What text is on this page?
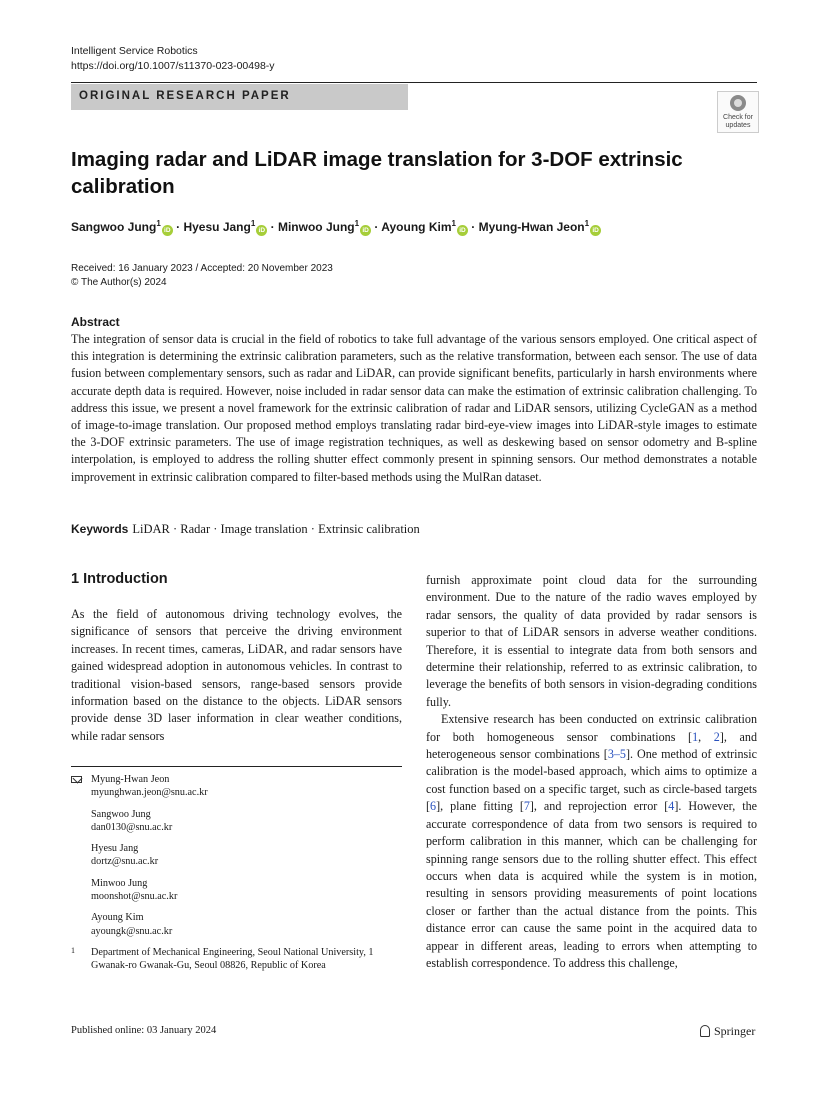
Intelligent Service Robotics
https://doi.org/10.1007/s11370-023-00498-y
ORIGINAL RESEARCH PAPER
Check for
updates
Imaging radar and LiDAR image translation for 3-DOF extrinsic calibration
Sangwoo Jung$^1$iD · Hyesu Jang$^1$iD · Minwoo Jung$^1$iD · Ayoung Kim$^1$iD · Myung-Hwan Jeon$^1$iD
Received: 16 January 2023 / Accepted: 20 November 2023
© The Author(s) 2024
Abstract
The integration of sensor data is crucial in the field of robotics to take full advantage of the various sensors employed. One critical aspect of this integration is determining the extrinsic calibration parameters, such as the relative transformation, between each sensor. The use of data fusion between complementary sensors, such as radar and LiDAR, can provide significant benefits, particularly in harsh environments where accurate depth data is required. However, noise included in radar sensor data can make the estimation of extrinsic calibration challenging. To address this issue, we present a novel framework for the extrinsic calibration of radar and LiDAR sensors, utilizing CycleGAN as a method of image-to-image translation. Our proposed method employs translating radar bird-eye-view images into LiDAR-style images to estimate the 3-DOF extrinsic parameters. The use of image registration techniques, as well as deskewing based on sensor odometry and B-spline interpolation, is employed to address the rolling shutter effect commonly present in spinning sensors. Our method demonstrates a notable improvement in extrinsic calibration compared to filter-based methods using the MulRan dataset.
Keywords LiDAR · Radar · Image translation · Extrinsic calibration
1 Introduction
As the field of autonomous driving technology evolves, the significance of sensors that perceive the driving environment increases. In recent times, cameras, LiDAR, and radar sensors have gained widespread adoption in autonomous vehicles. In contrast to traditional vision-based sensors, range-based sensors provide information based on the distance to the objects. LiDAR sensors provide dense 3D laser information in clear weather conditions, while radar sensors

furnish approximate point cloud data for the surrounding environment. Due to the nature of the radio waves employed by radar sensors, the quality of data provided by radar sensors is superior to that of LiDAR sensors in adverse weather conditions. Therefore, it is essential to integrate data from both sensors and determine their relationship, referred to as extrinsic calibration, to leverage the benefits of both sensors in vision-degrading conditions fully.

Extensive research has been conducted on extrinsic calibration for both homogeneous sensor combinations [1, 2], and heterogeneous sensor combinations [3–5]. One method of extrinsic calibration is the model-based approach, which aims to optimize a cost function based on a specific target, such as circle-based targets [6], plane fitting [7], and reprojection error [4]. However, the accurate correspondence of data from two sensors is required to perform calibration in this manner, which can be challenging for spinning range sensors due to the rolling shutter effect. This effect occurs when data is acquired while the system is in motion, resulting in sensors providing measurements of point locations closer or farther than the actual distance from the points. This distance error can cause the same point in the acquired data to appear in different areas, leading to errors when attempting to establish correspondence. To address this challenge,

Myung-Hwan Jeon
myunghwan.jeon@snu.ac.kr
Sangwoo Jung
dan0130@snu.ac.kr
Hyesu Jang
dortz@snu.ac.kr
Minwoo Jung
moonshot@snu.ac.kr
Ayoung Kim
ayoungk@snu.ac.kr
1 Department of Mechanical Engineering, Seoul National University, 1 Gwanak-ro Gwanak-Gu, Seoul 08826, Republic of Korea
Published online: 03 January 2024	Springer
